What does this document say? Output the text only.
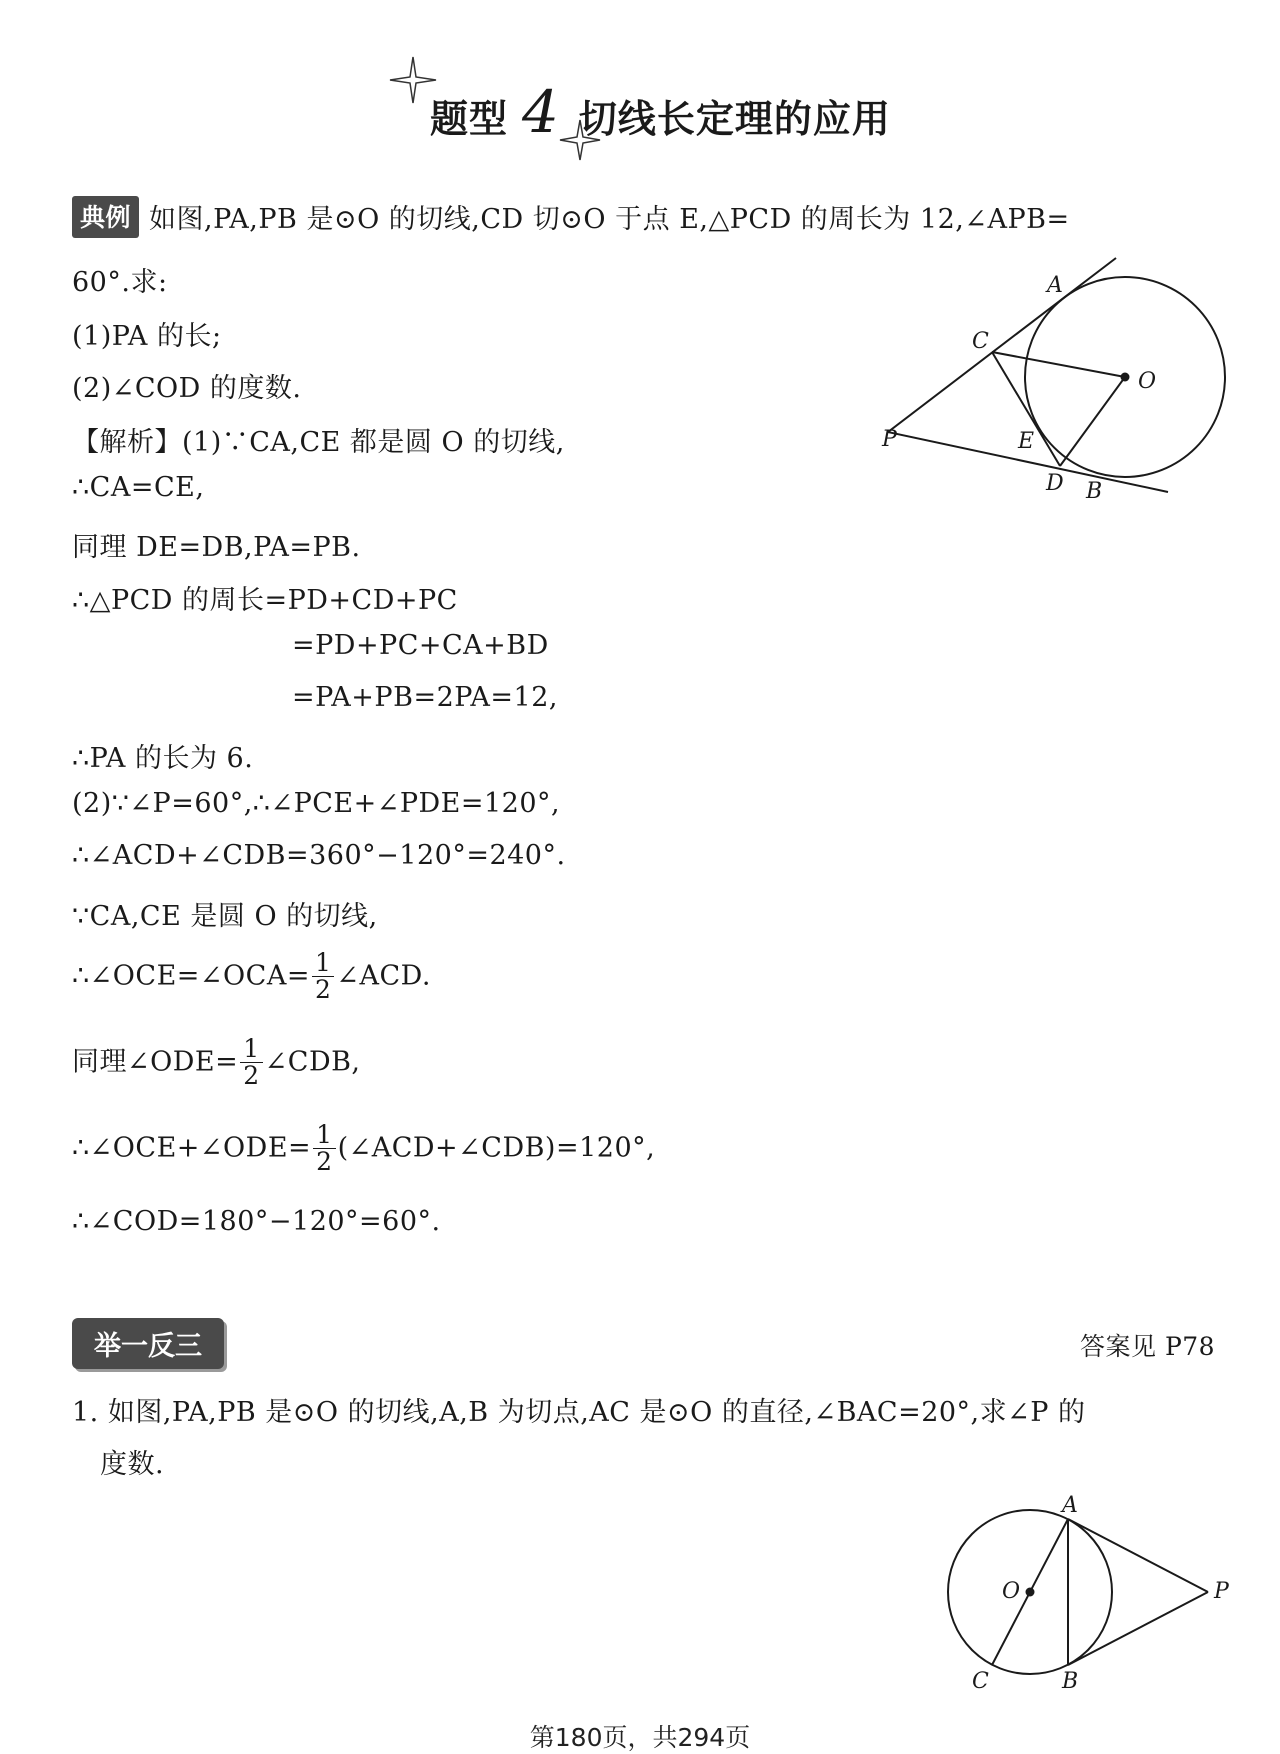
题型 4 切线长定理的应用
典例 如图,PA,PB 是⊙O 的切线,CD 切⊙O 于点 E,△PCD 的周长为 12,∠APB=
60°.求:
(1)PA 的长;
(2)∠COD 的度数.
【解析】(1)∵CA,CE 都是圆 O 的切线,
∴CA=CE,
同理 DE=DB,PA=PB.
∴△PCD 的周长=PD+CD+PC
=PD+PC+CA+BD
=PA+PB=2PA=12,
∴PA 的长为 6.
(2)∵∠P=60°,∴∠PCE+∠PDE=120°,
∴∠ACD+∠CDB=360°−120°=240°.
∵CA,CE 是圆 O 的切线,
∴∠OCE=∠OCA= $\frac{1}{2}$ ∠ACD.
同理∠ODE= $\frac{1}{2}$ ∠CDB,
∴∠OCE+∠ODE= $\frac{1}{2}$ (∠ACD+∠CDB)=120°,
∴∠COD=180°−120°=60°.
A
C
O
P	E
D B
举一反三	答案见 P78
1. 如图,PA,PB 是⊙O 的切线,A,B 为切点,AC 是⊙O 的直径,∠BAC=20°,求∠P 的
度数.
A
O	P
C	B
第180页，共294页
